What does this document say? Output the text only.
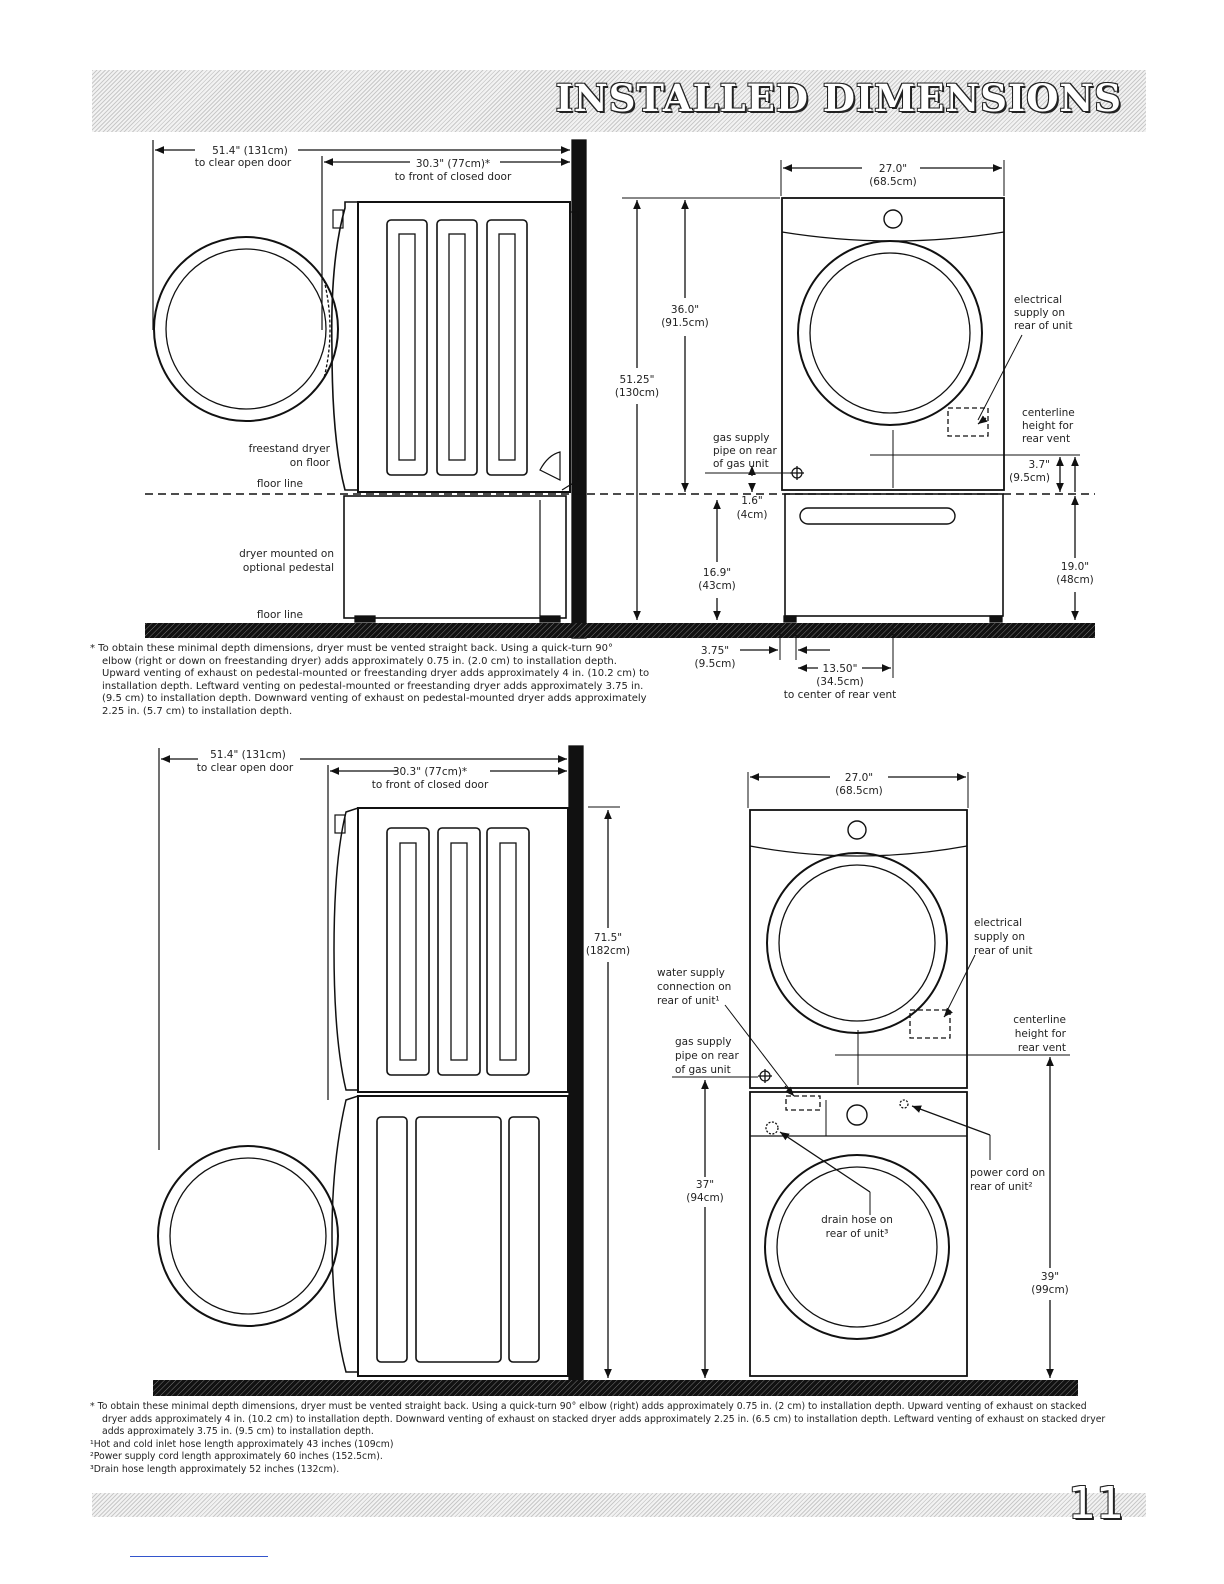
INSTALLED DIMENSIONS
51.4" (131cm)
to clear open door	30.3" (77cm)*
to front of closed door
freestand dryer
on floor
floor line
dryer mounted on
optional pedestal
floor line
27.0"
(68.5cm)
36.0"
(91.5cm)
51.25"
(130cm)
electrical
supply on
rear of unit
centerline
height for
rear vent
3.7"
(9.5cm)
gas supply
pipe on rear
of gas unit
1.6"
(4cm)
16.9"
(43cm)
19.0"
(48cm)
3.75"
(9.5cm)	13.50"
(34.5cm)
to center of rear vent
51.4" (131cm)
to clear open door	30.3" (77cm)*
to front of closed door
71.5"
(182cm)
27.0"
(68.5cm)
electrical
supply on
rear of unit
water supply
connection on
rear of unit¹
centerline
height for
rear vent
gas supply
pipe on rear
of gas unit
37"
(94cm)
power cord on
rear of unit²
drain hose on
rear of unit³
39"
(99cm)

* To obtain these minimal depth dimensions, dryer must be vented straight back. Using a quick-turn 90°

elbow (right or down on freestanding dryer) adds approximately 0.75 in. (2.0 cm) to installation depth.

Upward venting of exhaust on pedestal-mounted or freestanding dryer adds approximately 4 in. (10.2 cm) to

installation depth. Leftward venting on pedestal-mounted or freestanding dryer adds approximately 3.75 in.

(9.5 cm) to installation depth. Downward venting of exhaust on pedestal-mounted dryer adds approximately

2.25 in. (5.7 cm) to installation depth.

* To obtain these minimal depth dimensions, dryer must be vented straight back. Using a quick-turn 90° elbow (right) adds approximately 0.75 in. (2 cm) to installation depth. Upward venting of exhaust on stacked

dryer adds approximately 4 in. (10.2 cm) to installation depth. Downward venting of exhaust on stacked dryer adds approximately 2.25 in. (6.5 cm) to installation depth. Leftward venting of exhaust on stacked dryer

adds approximately 3.75 in. (9.5 cm) to installation depth.

¹Hot and cold inlet hose length approximately 43 inches (109cm)

²Power supply cord length approximately 60 inches (152.5cm).

³Drain hose length approximately 52 inches (132cm).

11
